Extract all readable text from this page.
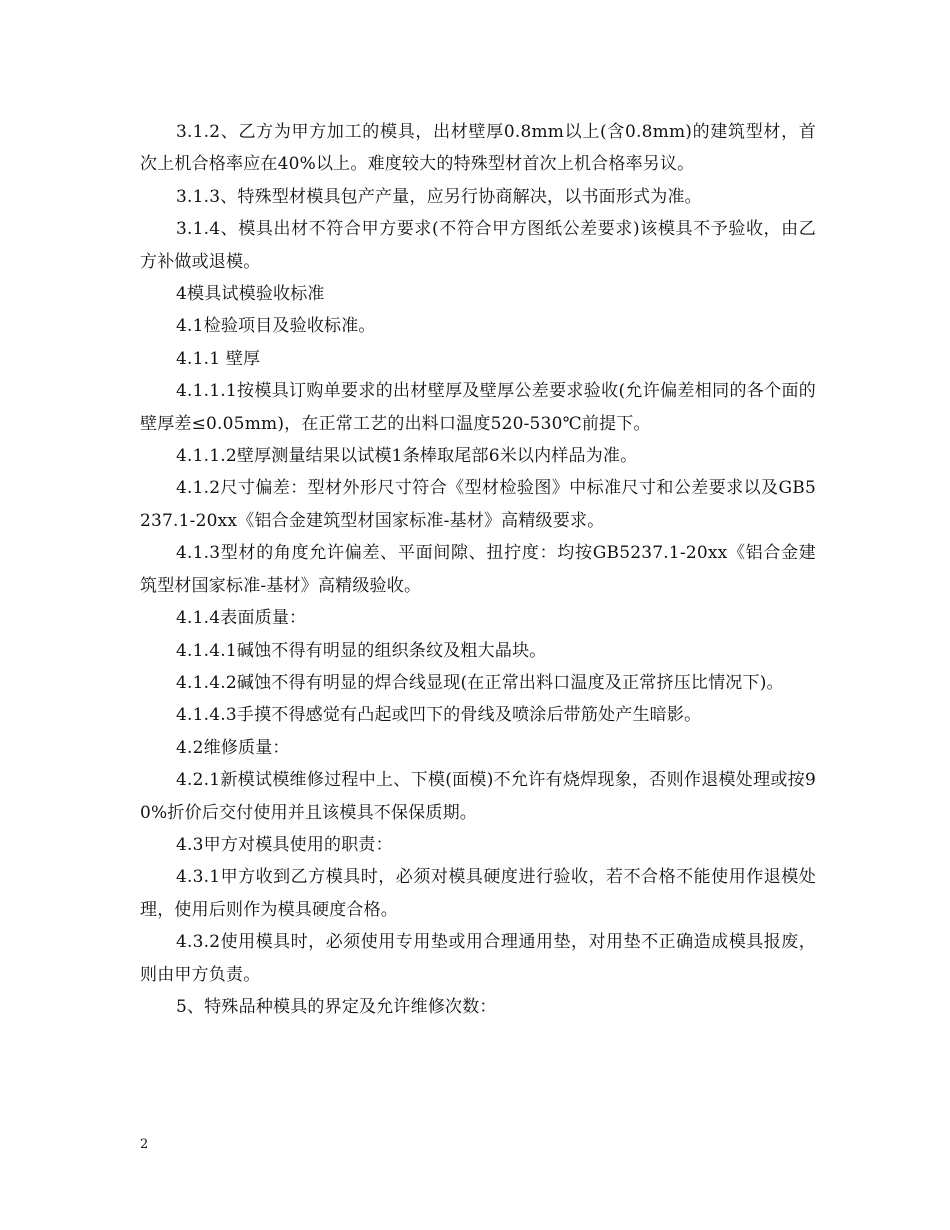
3.1.2、乙方为甲方加工的模具，出材壁厚0.8mm以上(含0.8mm)的建筑型材，首次上机合格率应在40%以上。难度较大的特殊型材首次上机合格率另议。

3.1.3、特殊型材模具包产产量，应另行协商解决，以书面形式为准。

3.1.4、模具出材不符合甲方要求(不符合甲方图纸公差要求)该模具不予验收，由乙方补做或退模。

4模具试模验收标准

4.1检验项目及验收标准。

4.1.1 壁厚

4.1.1.1按模具订购单要求的出材壁厚及壁厚公差要求验收(允许偏差相同的各个面的壁厚差≤0.05mm)，在正常工艺的出料口温度520-530℃前提下。

4.1.1.2壁厚测量结果以试模1条棒取尾部6米以内样品为准。

4.1.2尺寸偏差：型材外形尺寸符合《型材检验图》中标准尺寸和公差要求以及GB5237.1-20xx《铝合金建筑型材国家标准-基材》高精级要求。

4.1.3型材的角度允许偏差、平面间隙、扭拧度：均按GB5237.1-20xx《铝合金建筑型材国家标准-基材》高精级验收。

4.1.4表面质量：

4.1.4.1碱蚀不得有明显的组织条纹及粗大晶块。

4.1.4.2碱蚀不得有明显的焊合线显现(在正常出料口温度及正常挤压比情况下)。

4.1.4.3手摸不得感觉有凸起或凹下的骨线及喷涂后带筋处产生暗影。

4.2维修质量：

4.2.1新模试模维修过程中上、下模(面模)不允许有烧焊现象，否则作退模处理或按90%折价后交付使用并且该模具不保保质期。

4.3甲方对模具使用的职责：

4.3.1甲方收到乙方模具时，必须对模具硬度进行验收，若不合格不能使用作退模处理，使用后则作为模具硬度合格。

4.3.2使用模具时，必须使用专用垫或用合理通用垫，对用垫不正确造成模具报废，则由甲方负责。

5、特殊品种模具的界定及允许维修次数：

2
